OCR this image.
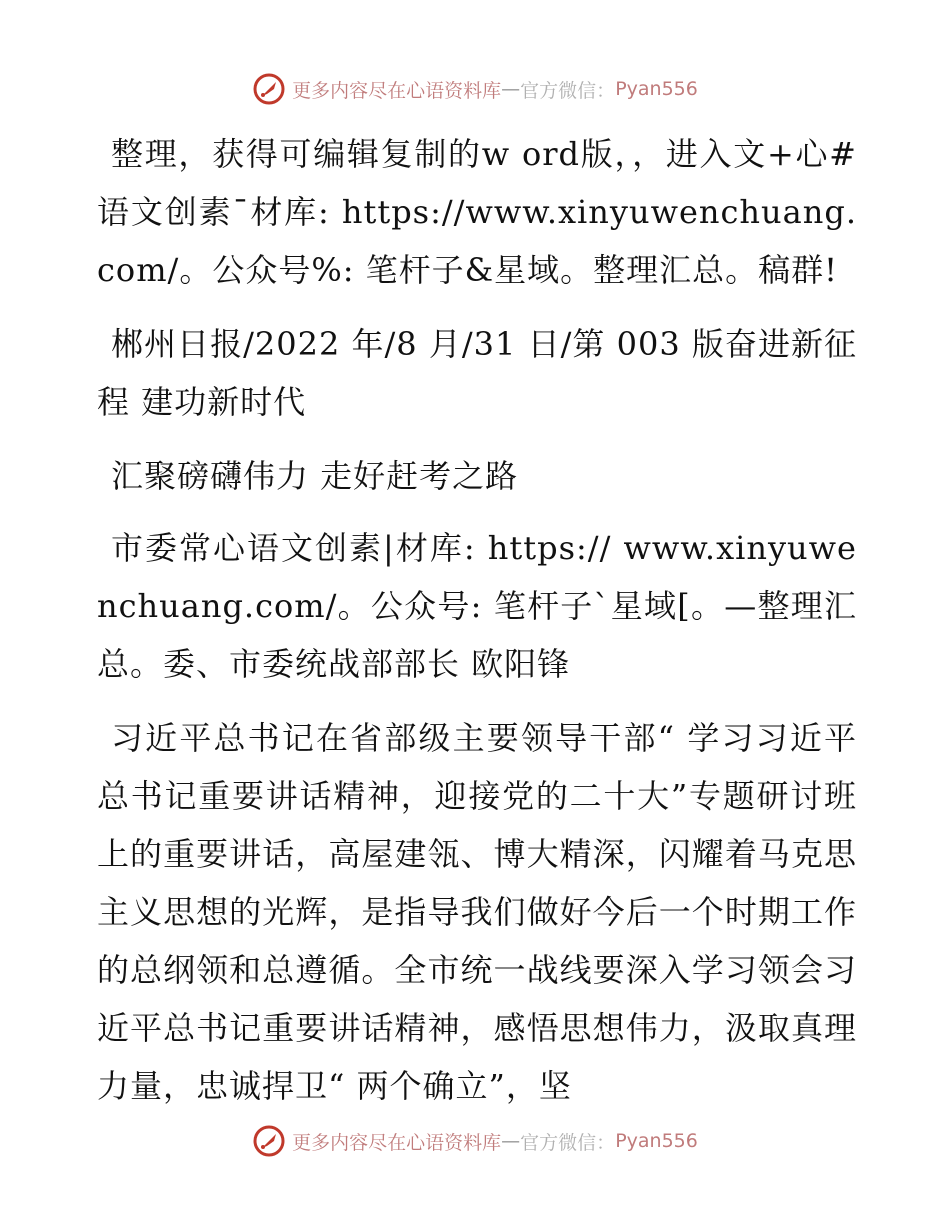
更多内容尽在心语资料库 — 官方微信： Pyan556

整理，获得可编辑复制的w ord版，，进入文+心#语文创素¯材库: https://www.xinyuwenchuang.com/。公众号%: 笔杆子&星域。整理汇总。稿群!

郴州日报/2022 年/8 月/31 日/第 003 版奋进新征程 建功新时代

汇聚磅礴伟力 走好赶考之路

市委常心语文创素|材库: https:// www.xinyuwenchuang.com/。公众号: 笔杆子`星域[。—整理汇总。委、市委统战部部长 欧阳锋

习近平总书记在省部级主要领导干部“ 学习习近平总书记重要讲话精神，迎接党的二十大”专题研讨班上的重要讲话，高屋建瓴、博大精深，闪耀着马克思主义思想的光辉，是指导我们做好今后一个时期工作的总纲领和总遵循。全市统一战线要深入学习领会习近平总书记重要讲话精神，感悟思想伟力，汲取真理力量，忠诚捍卫“ 两个确立”，坚

更多内容尽在心语资料库 — 官方微信： Pyan556
